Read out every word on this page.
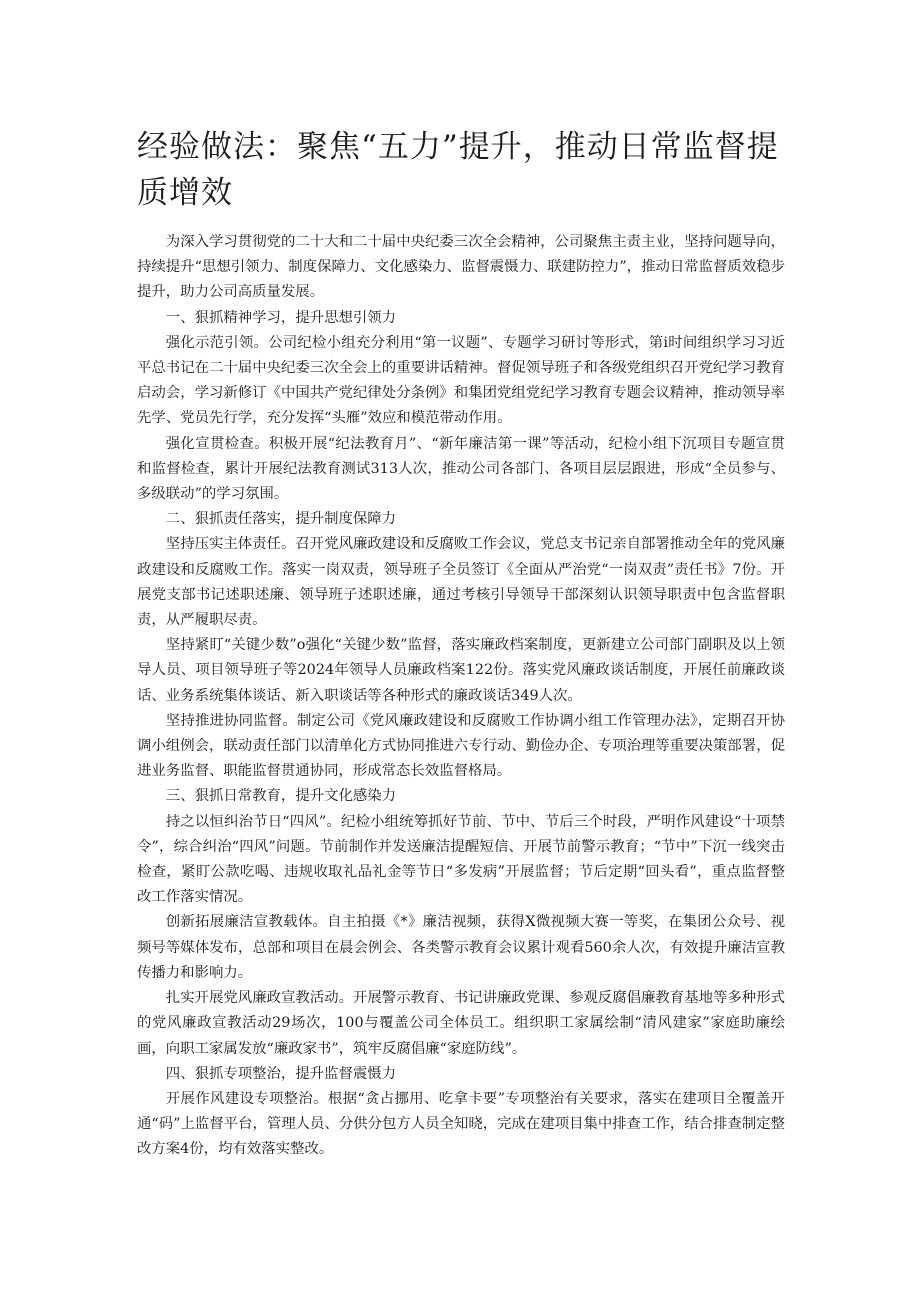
经验做法：聚焦“五力”提升，推动日常监督提质增效

为深入学习贯彻党的二十大和二十届中央纪委三次全会精神，公司聚焦主责主业，坚持问题导向，持续提升“思想引领力、制度保障力、文化感染力、监督震慑力、联建防控力”，推动日常监督质效稳步提升，助力公司高质量发展。

一、狠抓精神学习，提升思想引领力

强化示范引领。公司纪检小组充分利用“第一议题”、专题学习研讨等形式，第i时间组织学习习近平总书记在二十届中央纪委三次全会上的重要讲话精神。督促领导班子和各级党组织召开党纪学习教育启动会，学习新修订《中国共产党纪律处分条例》和集团党组党纪学习教育专题会议精神，推动领导率先学、党员先行学，充分发挥“头雁”效应和模范带动作用。

强化宣贯检查。积极开展“纪法教育月”、“新年廉洁第一课”等活动，纪检小组下沉项目专题宣贯和监督检查，累计开展纪法教育测试313人次，推动公司各部门、各项目层层跟进，形成“全员参与、多级联动”的学习氛围。

二、狠抓责任落实，提升制度保障力

坚持压实主体责任。召开党风廉政建设和反腐败工作会议，党总支书记亲自部署推动全年的党风廉政建设和反腐败工作。落实一岗双责，领导班子全员签订《全面从严治党“一岗双责”责任书》7份。开展党支部书记述职述廉、领导班子述职述廉，通过考核引导领导干部深刻认识领导职责中包含监督职责，从严履职尽责。

坚持紧盯“关键少数”o强化“关键少数”监督，落实廉政档案制度，更新建立公司部门副职及以上领导人员、项目领导班子等2024年领导人员廉政档案122份。落实党风廉政谈话制度，开展任前廉政谈话、业务系统集体谈话、新入职谈话等各种形式的廉政谈话349人次。

坚持推进协同监督。制定公司《党风廉政建设和反腐败工作协调小组工作管理办法》，定期召开协调小组例会，联动责任部门以清单化方式协同推进六专行动、勤俭办企、专项治理等重要决策部署，促进业务监督、职能监督贯通协同，形成常态长效监督格局。

三、狠抓日常教育，提升文化感染力

持之以恒纠治节日“四风”。纪检小组统筹抓好节前、节中、节后三个时段，严明作风建设“十项禁令”，综合纠治“四风”问题。节前制作并发送廉洁提醒短信、开展节前警示教育；“节中”下沉一线突击检查，紧盯公款吃喝、违规收取礼品礼金等节日“多发病”开展监督；节后定期“回头看”，重点监督整改工作落实情况。

创新拓展廉洁宣教载体。自主拍摄《*》廉洁视频，获得X微视频大赛一等奖，在集团公众号、视频号等媒体发布，总部和项目在晨会例会、各类警示教育会议累计观看560余人次，有效提升廉洁宣教传播力和影响力。

扎实开展党风廉政宣教活动。开展警示教育、书记讲廉政党课、参观反腐倡廉教育基地等多种形式的党风廉政宣教活动29场次，100与覆盖公司全体员工。组织职工家属绘制“清风建家”家庭助廉绘画，向职工家属发放“廉政家书”，筑牢反腐倡廉“家庭防线”。

四、狠抓专项整治，提升监督震慑力

开展作风建设专项整治。根据“贪占挪用、吃拿卡要”专项整治有关要求，落实在建项目全覆盖开通“码”上监督平台，管理人员、分供分包方人员全知晓，完成在建项目集中排查工作，结合排查制定整改方案4份，均有效落实整改。
